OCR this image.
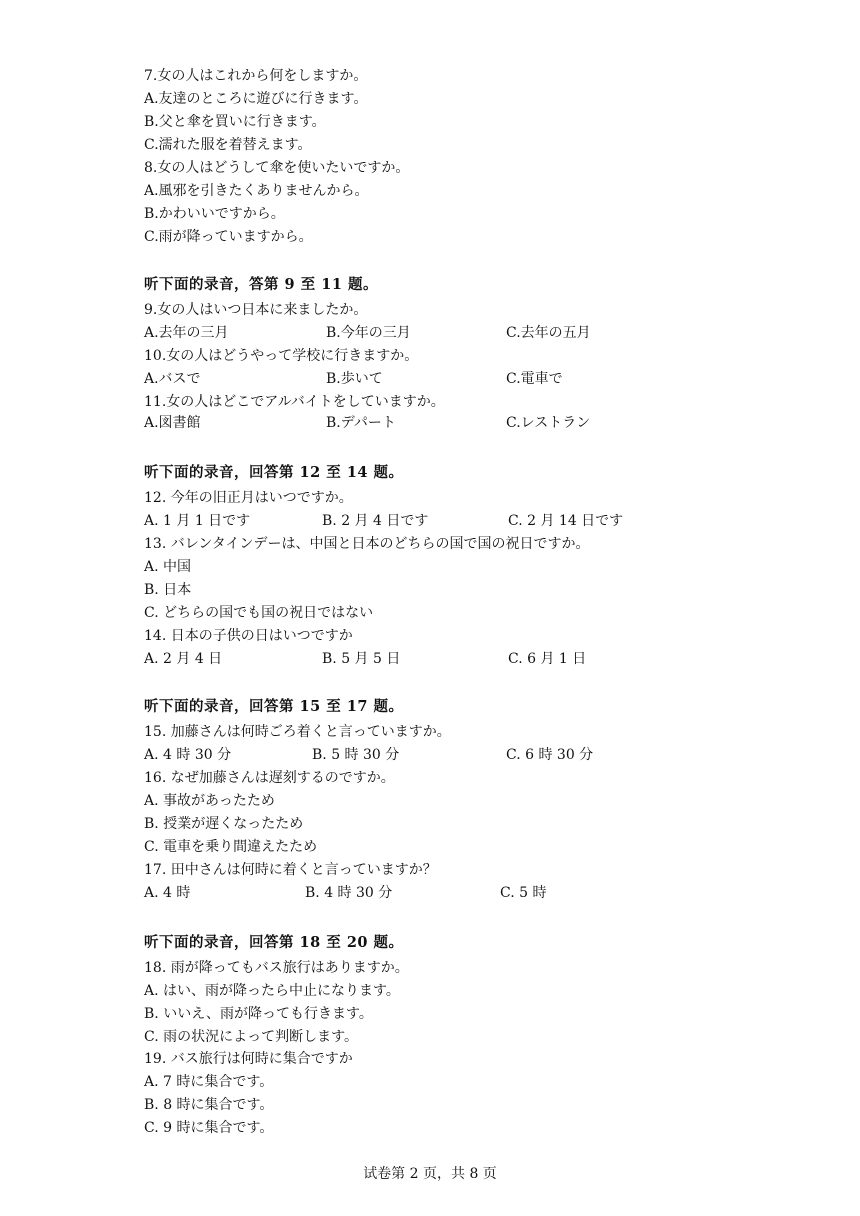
7.女の人はこれから何をしますか。
A.友達のところに遊びに行きます。
B.父と傘を買いに行きます。
C.濡れた服を着替えます。
8.女の人はどうして傘を使いたいですか。
A.風邪を引きたくありませんから。
B.かわいいですから。
C.雨が降っていますから。
听下面的录音，答第 9 至 11 题。
9.女の人はいつ日本に来ましたか。
A.去年の三月	B.今年の三月	C.去年の五月
10.女の人はどうやって学校に行きますか。
A.バスで	B.歩いて	C.電車で
11.女の人はどこでアルバイトをしていますか。
A.図書館	B.デパート	C.レストラン
听下面的录音，回答第 12 至 14 题。
12. 今年の旧正月はいつですか。
A. 1 月 1 日です	B. 2 月 4 日です	C. 2 月 14 日です
13. バレンタインデーは、中国と日本のどちらの国で国の祝日ですか。
A. 中国
B. 日本
C. どちらの国でも国の祝日ではない
14. 日本の子供の日はいつですか
A. 2 月 4 日	B. 5 月 5 日	C. 6 月 1 日
听下面的录音，回答第 15 至 17 题。
15. 加藤さんは何時ごろ着くと言っていますか。
A. 4 時 30 分	B. 5 時 30 分	C. 6 時 30 分
16. なぜ加藤さんは遅刻するのですか。
A. 事故があったため
B. 授業が遅くなったため
C. 電車を乗り間違えたため
17. 田中さんは何時に着くと言っていますか？
A. 4 時	B. 4 時 30 分	C. 5 時
听下面的录音，回答第 18 至 20 题。
18. 雨が降ってもバス旅行はありますか。
A. はい、雨が降ったら中止になります。
B. いいえ、雨が降っても行きます。
C. 雨の状況によって判断します。
19. バス旅行は何時に集合ですか
A. 7 時に集合です。
B. 8 時に集合です。
C. 9 時に集合です。
试卷第 2 页，共 8 页
